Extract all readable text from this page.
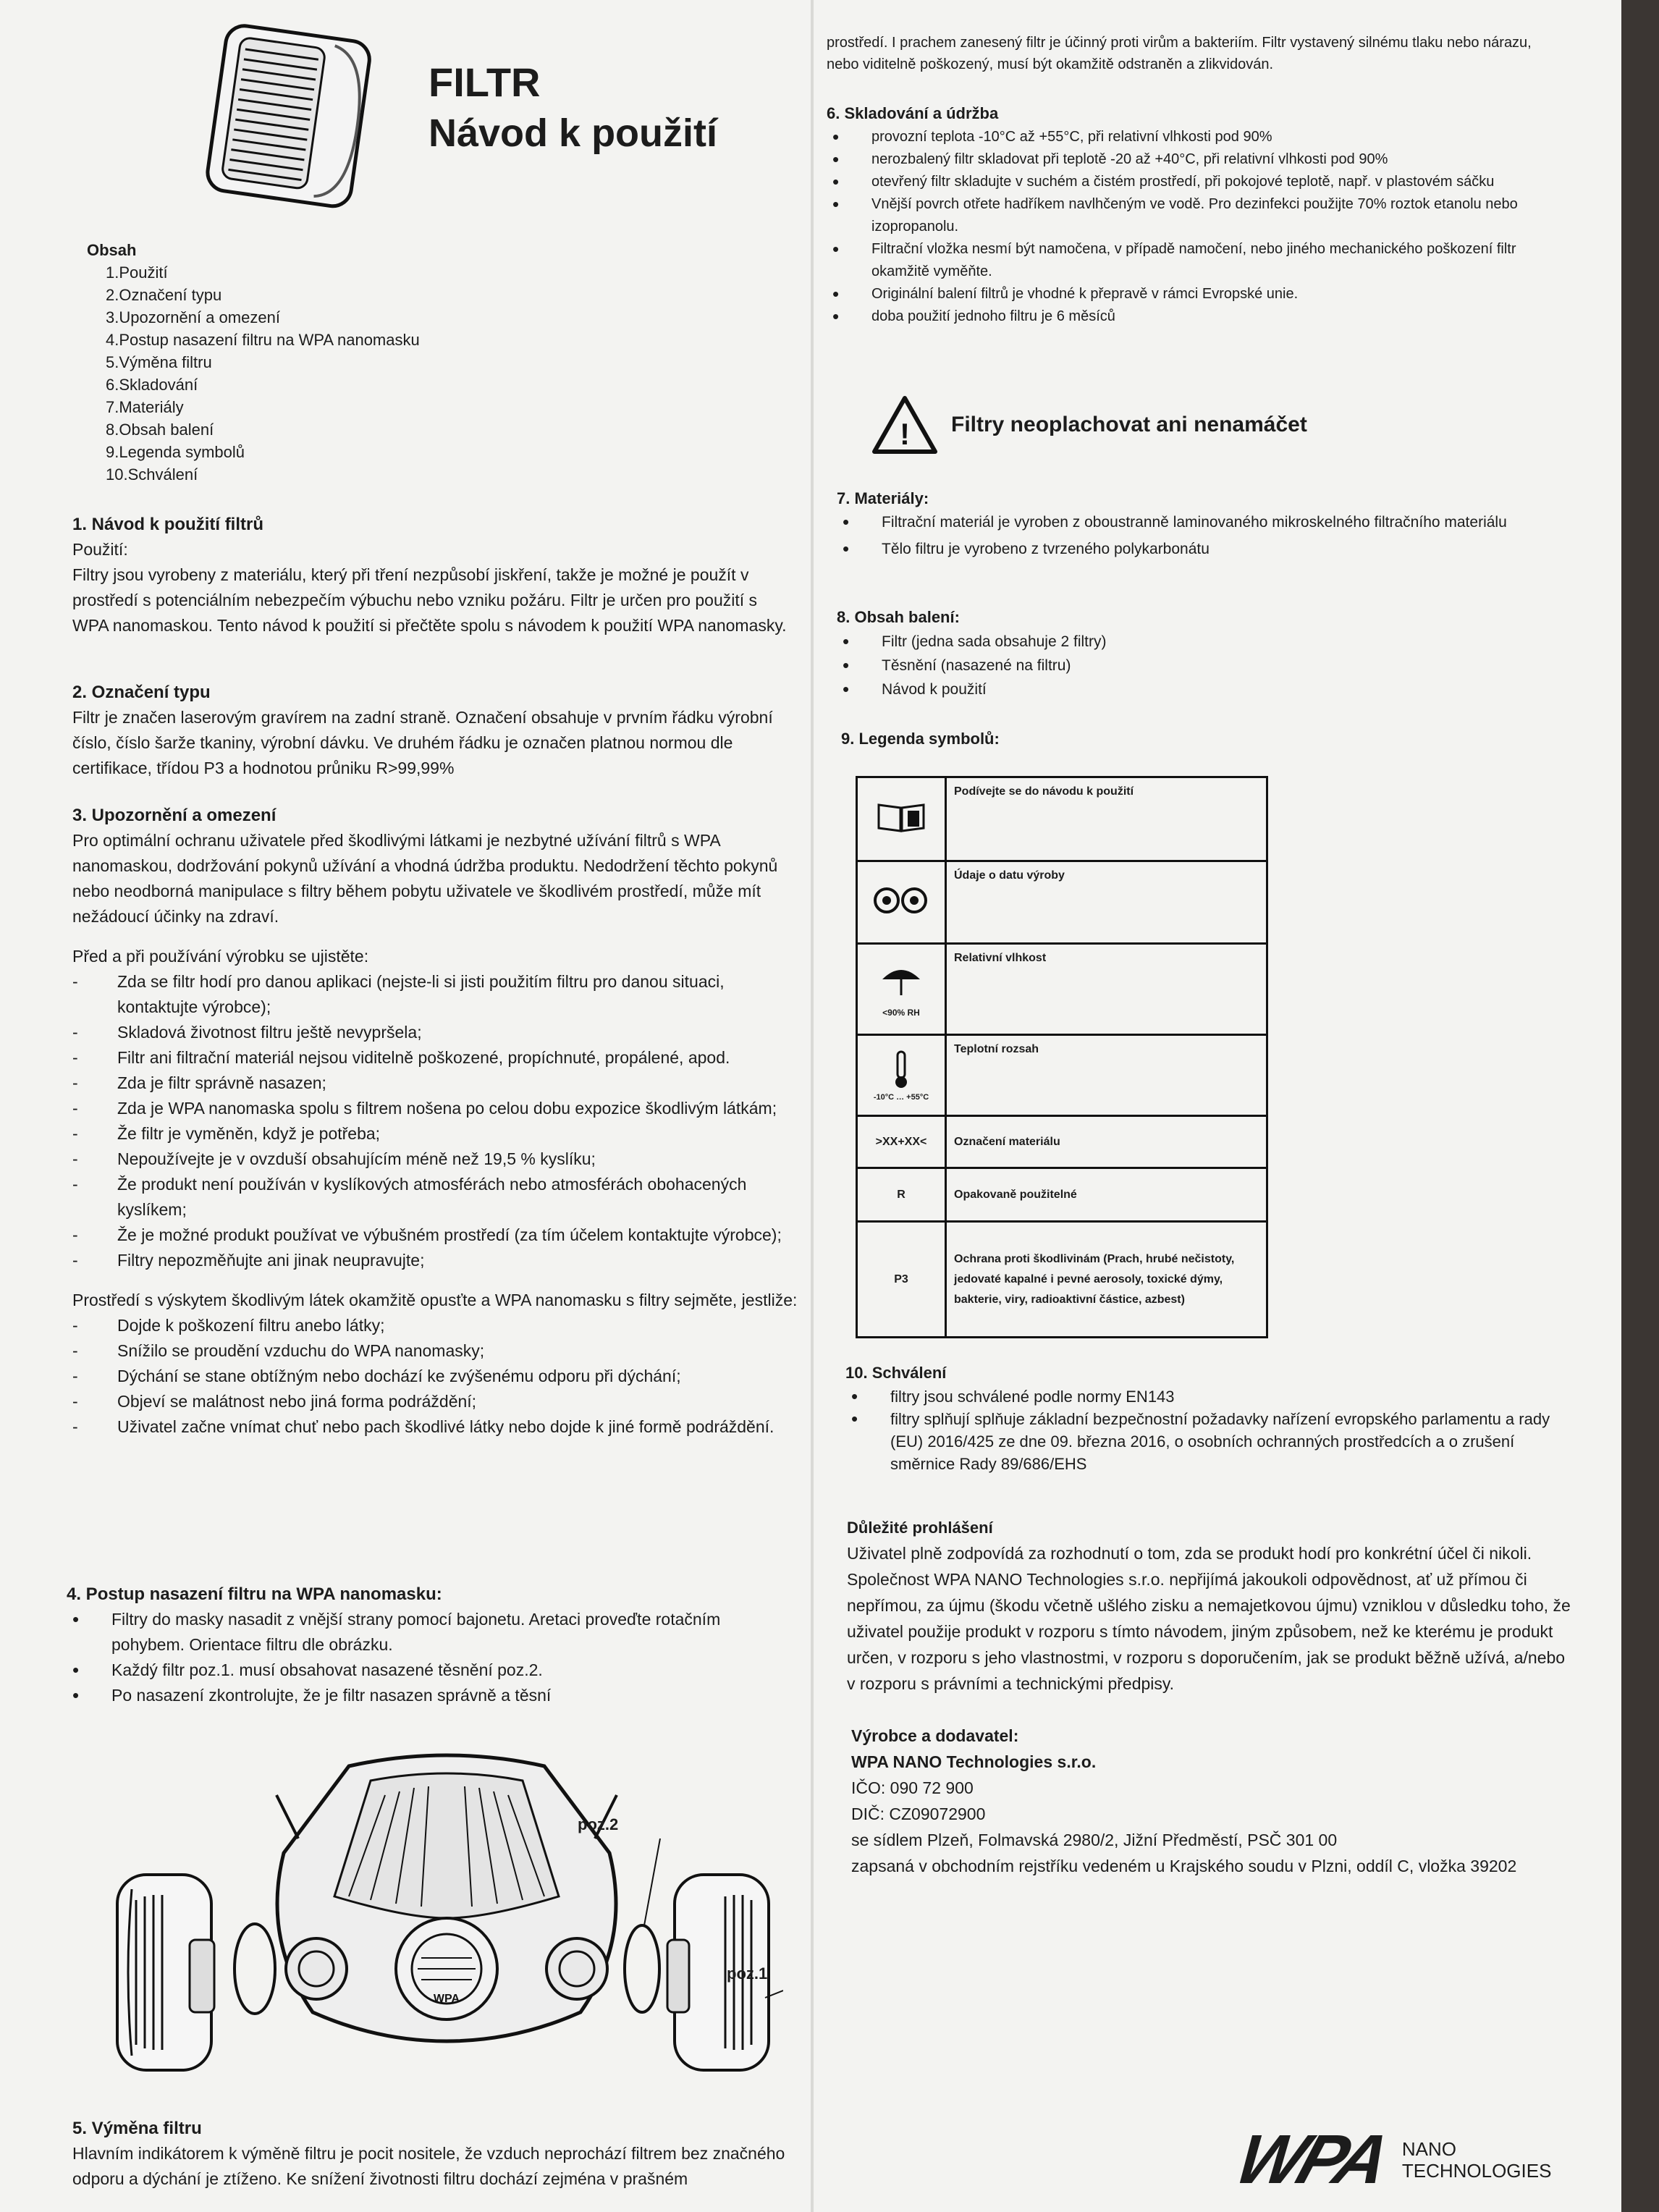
FILTR
Návod k použití
Obsah
1.Použití
2.Označení typu
3.Upozornění a omezení
4.Postup nasazení filtru na WPA nanomasku
5.Výměna filtru
6.Skladování
7.Materiály
8.Obsah balení
9.Legenda symbolů
10.Schválení
1. Návod k použití filtrů

Použití:

Filtry jsou vyrobeny z materiálu, který při tření nezpůsobí jiskření, takže je možné je použít v prostředí s potenciálním nebezpečím výbuchu nebo vzniku požáru. Filtr je určen pro použití s WPA nanomaskou. Tento návod k použití si přečtěte spolu s návodem k použití WPA nanomasky.

2. Označení typu

Filtr je značen laserovým gravírem na zadní straně. Označení obsahuje v prvním řádku výrobní číslo, číslo šarže tkaniny, výrobní dávku. Ve druhém řádku je označen platnou normou dle certifikace, třídou P3 a hodnotou průniku R>99,99%

3. Upozornění a omezení

Pro optimální ochranu uživatele před škodlivými látkami je nezbytné užívání filtrů s WPA nanomaskou, dodržování pokynů užívání a vhodná údržba produktu. Nedodržení těchto pokynů nebo neodborná manipulace s filtry během pobytu uživatele ve škodlivém prostředí, může mít nežádoucí účinky na zdraví.

Před a při používání výrobku se ujistěte:

- Zda se filtr hodí pro danou aplikaci (nejste-li si jisti použitím filtru pro danou situaci, kontaktujte výrobce);
- Skladová životnost filtru ještě nevypršela;
- Filtr ani filtrační materiál nejsou viditelně poškozené, propíchnuté, propálené, apod.
- Zda je filtr správně nasazen;
- Zda je WPA nanomaska spolu s filtrem nošena po celou dobu expozice škodlivým látkám;
- Že filtr je vyměněn, když je potřeba;
- Nepoužívejte je v ovzduší obsahujícím méně než 19,5 % kyslíku;
- Že produkt není používán v kyslíkových atmosférách nebo atmosférách obohacených kyslíkem;
- Že je možné produkt používat ve výbušném prostředí (za tím účelem kontaktujte výrobce);
- Filtry nepozměňujte ani jinak neupravujte;

Prostředí s výskytem škodlivým látek okamžitě opusťte a WPA nanomasku s filtry sejměte, jestliže:

- Dojde k poškození filtru anebo látky;
- Snížilo se proudění vzduchu do WPA nanomasky;
- Dýchání se stane obtížným nebo dochází ke zvýšenému odporu při dýchání;
- Objeví se malátnost nebo jiná forma podráždění;
- Uživatel začne vnímat chuť nebo pach škodlivé látky nebo dojde k jiné formě podráždění.
4. Postup nasazení filtru na WPA nanomasku:
• Filtry do masky nasadit z vnější strany pomocí bajonetu. Aretaci proveďte rotačním pohybem. Orientace filtru dle obrázku.
• Každý filtr poz.1. musí obsahovat nasazené těsnění poz.2.
• Po nasazení zkontrolujte, že je filtr nasazen správně a těsní
WPA
poz.2
poz.1
5. Výměna filtru

Hlavním indikátorem k výměně filtru je pocit nositele, že vzduch neprochází filtrem bez značného odporu a dýchání je ztíženo. Ke snížení životnosti filtru dochází zejména v prašném

prostředí. I prachem zanesený filtr je účinný proti virům a bakteriím. Filtr vystavený silnému tlaku nebo nárazu, nebo viditelně poškozený, musí být okamžitě odstraněn a zlikvidován.

6. Skladování a údržba
• provozní teplota -10°C až +55°C, při relativní vlhkosti pod 90%
• nerozbalený filtr skladovat při teplotě -20 až +40°C, při relativní vlhkosti pod 90%
• otevřený filtr skladujte v suchém a čistém prostředí, při pokojové teplotě, např. v plastovém sáčku
• Vnější povrch otřete hadříkem navlhčeným ve vodě. Pro dezinfekci použijte 70% roztok etanolu nebo izopropanolu.
• Filtrační vložka nesmí být namočena, v případě namočení, nebo jiného mechanického poškození filtr okamžitě vyměňte.
• Originální balení filtrů je vhodné k přepravě v rámci Evropské unie.
• doba použití jednoho filtru je 6 měsíců
! Filtry neoplachovat ani nenamáčet
7. Materiály:
• Filtrační materiál je vyroben z oboustranně laminovaného mikroskelného filtračního materiálu
• Tělo filtru je vyrobeno z tvrzeného polykarbonátu
8. Obsah balení:
• Filtr (jedna sada obsahuje 2 filtry)
• Těsnění (nasazené na filtru)
• Návod k použití
9. Legenda symbolů:
	Podívejte se do návodu k použití
	Údaje o datu výroby

<90% RH	Relativní vlhkost

-10°C … +55°C	Teplotní rozsah
>XX+XX<	Označení materiálu
R	Opakovaně použitelné
P3	Ochrana proti škodlivinám (Prach, hrubé nečistoty, jedovaté kapalné i pevné aerosoly, toxické dýmy, bakterie, viry, radioaktivní částice, azbest)
10. Schválení
• filtry jsou schválené podle normy EN143
• filtry splňují splňuje základní bezpečnostní požadavky nařízení evropského parlamentu a rady (EU) 2016/425 ze dne 09. března 2016, o osobních ochranných prostředcích a o zrušení směrnice Rady 89/686/EHS
Důležité prohlášení

Uživatel plně zodpovídá za rozhodnutí o tom, zda se produkt hodí pro konkrétní účel či nikoli. Společnost WPA NANO Technologies s.r.o. nepřijímá jakoukoli odpovědnost, ať už přímou či nepřímou, za újmu (škodu včetně ušlého zisku a nemajetkovou újmu) vzniklou v důsledku toho, že uživatel použije produkt v rozporu s tímto návodem, jiným způsobem, než ke kterému je produkt určen, v rozporu s jeho vlastnostmi, v rozporu s doporučením, jak se produkt běžně užívá, a/nebo v rozporu s právními a technickými předpisy.

Výrobce a dodavatel:
WPA NANO Technologies s.r.o.
IČO: 090 72 900
DIČ: CZ09072900
se sídlem Plzeň, Folmavská 2980/2, Jižní Předměstí, PSČ 301 00
zapsaná v obchodním rejstříku vedeném u Krajského soudu v Plzni, oddíl C, vložka 39202
WPA NANO
TECHNOLOGIES
